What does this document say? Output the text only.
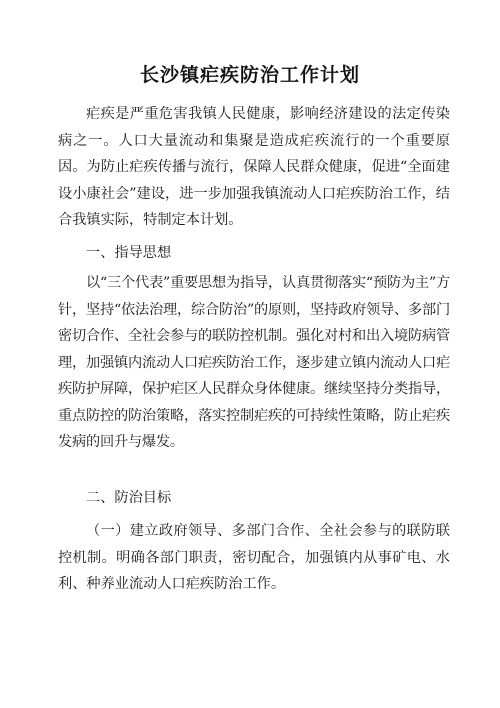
长沙镇疟疾防治工作计划
疟疾是严重危害我镇人民健康，影响经济建设的法定传染病之一。人口大量流动和集聚是造成疟疾流行的一个重要原因。为防止疟疾传播与流行，保障人民群众健康，促进“全面建设小康社会”建设，进一步加强我镇流动人口疟疾防治工作，结合我镇实际，特制定本计划。
一、指导思想
以“三个代表”重要思想为指导，认真贯彻落实“预防为主”方针，坚持“依法治理，综合防治”的原则，坚持政府领导、多部门密切合作、全社会参与的联防控机制。强化对村和出入境防病管理，加强镇内流动人口疟疾防治工作，逐步建立镇内流动人口疟疾防护屏障，保护疟区人民群众身体健康。继续坚持分类指导，重点防控的防治策略，落实控制疟疾的可持续性策略，防止疟疾发病的回升与爆发。
二、防治目标
（一）建立政府领导、多部门合作、全社会参与的联防联控机制。明确各部门职责，密切配合，加强镇内从事矿电、水利、种养业流动人口疟疾防治工作。
